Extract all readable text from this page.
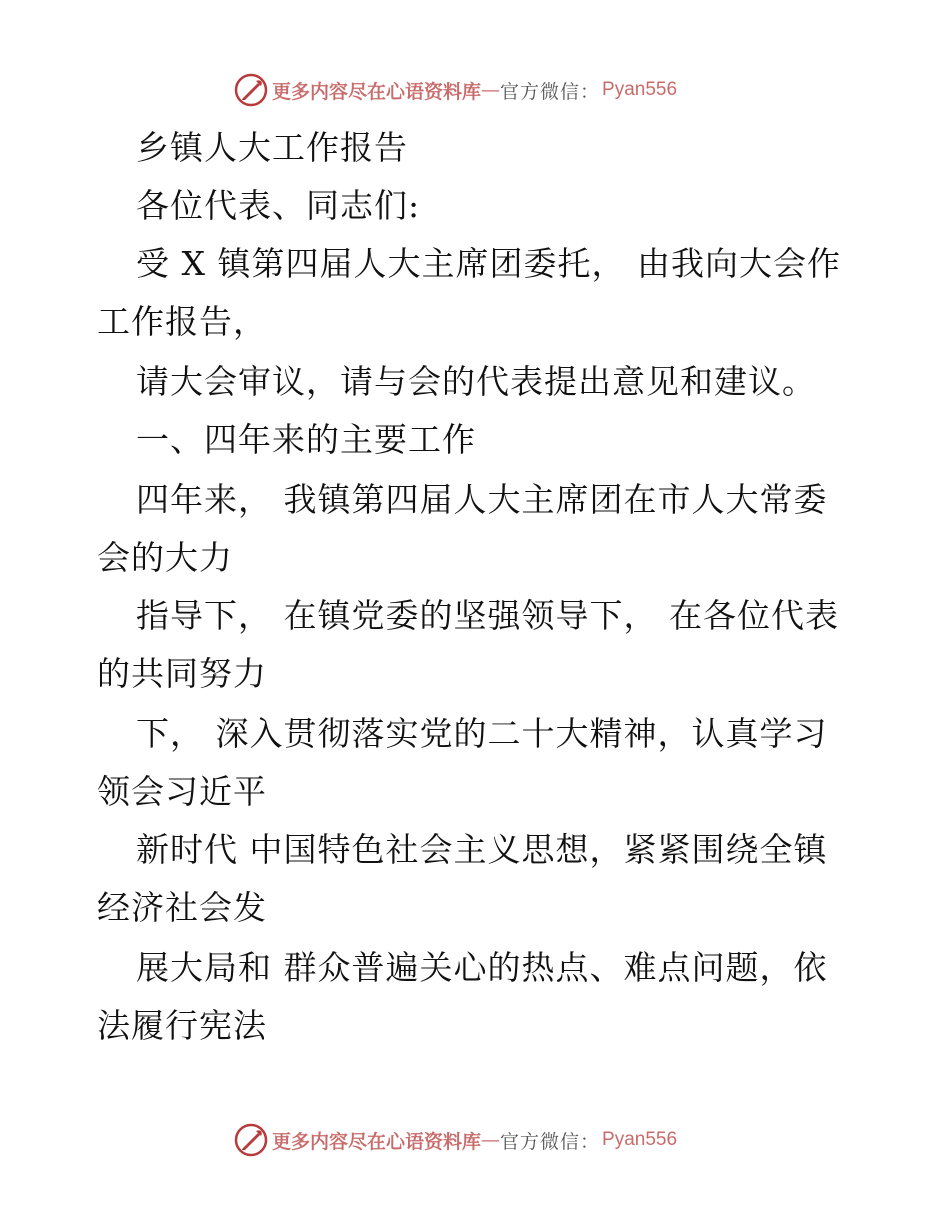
更多内容尽在心语资料库 — 官方微信： Pyan556
乡镇人大工作报告
各位代表、同志们:
受 X 镇第四届人大主席团委托， 由我向大会作
工作报告，
请大会审议，请与会的代表提出意见和建议。
一、四年来的主要工作
四年来， 我镇第四届人大主席团在市人大常委
会的大力
指导下， 在镇党委的坚强领导下， 在各位代表
的共同努力
下， 深入贯彻落实党的二十大精神，认真学习
领会习近平
新时代 中国特色社会主义思想，紧紧围绕全镇
经济社会发
展大局和 群众普遍关心的热点、难点问题，依
法履行宪法
更多内容尽在心语资料库 — 官方微信： Pyan556
